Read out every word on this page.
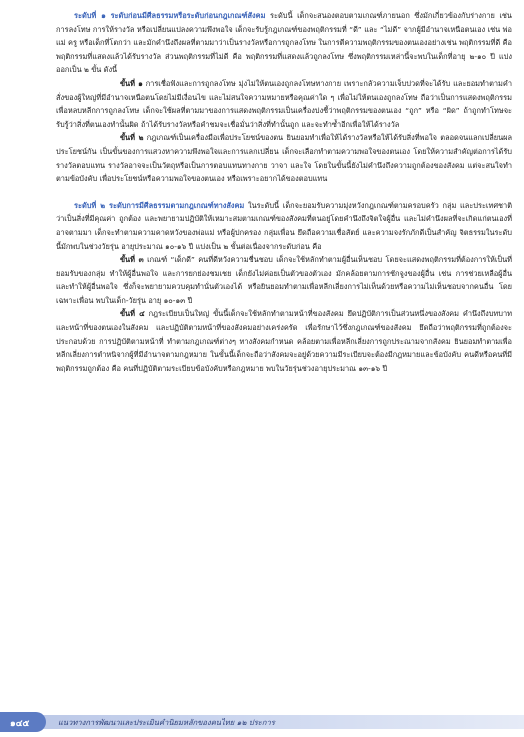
ระดับที่ ๑ ระดับก่อนมีศีลธรรมหรือระดับก่อนกฎเกณฑ์สังคม ระดับนี้ เด็กจะสนองตอบตามเกณฑ์ภายนอก ซึ่งมักเกี่ยวข้องกับร่างกาย เช่น การลงโทษ การให้รางวัล หรือเปลี่ยนแปลงความพึงพอใจ เด็กจะรับรู้กฎเกณฑ์ของพฤติกรรมที่ “ดี” และ “ไม่ดี” จากผู้มีอำนาจเหนือตนเอง เช่น พ่อแม่ ครู หรือเด็กที่โตกว่า และมักคำนึงถึงผลที่ตามมาว่าเป็นรางวัลหรือการถูกลงโทษ ในการตีความพฤติกรรมของตนเองอย่างเช่น พฤติกรรมที่ดี คือ พฤติกรรมที่แสดงแล้วได้รับรางวัล ส่วนพฤติกรรมที่ไม่ดี คือ พฤติกรรมที่แสดงแล้วถูกลงโทษ ซึ่งพฤติกรรมเหล่านี้จะพบในเด็กที่อายุ ๒-๑๐ ปี แบ่งออกเป็น ๒ ขั้น ดังนี้

ขั้นที่ ๑ การเชื่อฟังและการถูกลงโทษ มุ่งไม่ให้ตนเองถูกลงโทษทางกาย เพราะกลัวความเจ็บปวดที่จะได้รับ และยอมทำตามคำสั่งของผู้ใหญ่ที่มีอำนาจเหนือตนโดยไม่มีเงื่อนไข และไม่สนใจความหมายหรือคุณค่าใด ๆ เพื่อไม่ให้ตนเองถูกลงโทษ ถือว่าเป็นการแสดงพฤติกรรมเพื่อหลบหลีกการถูกลงโทษ เด็กจะใช้ผลที่ตามมาของการแสดงพฤติกรรมเป็นเครื่องบ่งชี้ว่าพฤติกรรมของตนเอง “ถูก” หรือ “ผิด” ถ้าถูกทำโทษจะรับรู้ว่าสิ่งที่ตนเองทำนั้นผิด ถ้าได้รับรางวัลหรือคำชมจะเชื่อมั่นว่าสิ่งที่ทำนั้นถูก และจะทำซ้ำอีกเพื่อให้ได้รางวัล

ขั้นที่ ๒ กฎเกณฑ์เป็นเครื่องมือเพื่อประโยชน์ของตน ยินยอมทำเพื่อให้ได้รางวัลหรือให้ได้รับสิ่งที่พอใจ ตลอดจนแลกเปลี่ยนผลประโยชน์กัน เป็นขั้นของการแสวงหาความพึงพอใจและการแลกเปลี่ยน เด็กจะเลือกทำตามความพอใจของตนเอง โดยให้ความสำคัญต่อการได้รับรางวัลตอบแทน รางวัลอาจจะเป็นวัตถุหรือเป็นการตอบแทนทางกาย วาจา และใจ โดยในขั้นนี้ยังไม่คำนึงถึงความถูกต้องของสังคม แต่จะสนใจทำตามข้อบังคับ เพื่อประโยชน์หรือความพอใจของตนเอง หรือเพราะอยากได้ของตอบแทน

ระดับที่ ๒ ระดับการมีศีลธรรมตามกฎเกณฑ์ทางสังคม ในระดับนี้ เด็กจะยอมรับความมุ่งหวังกฎเกณฑ์ตามครอบครัว กลุ่ม และประเทศชาติว่าเป็นสิ่งที่มีคุณค่า ถูกต้อง และพยายามปฏิบัติให้เหมาะสมตามเกณฑ์ของสังคมที่ตนอยู่โดยคำนึงถึงจิตใจผู้อื่น และไม่คำนึงผลที่จะเกิดแก่ตนเองที่อาจตามมา เด็กจะทำตามความคาดหวังของพ่อแม่ หรือผู้ปกครอง กลุ่มเพื่อน ยึดถือความเชื่อสัตย์ และความจงรักภักดีเป็นสำคัญ จิตธรรมในระดับนี้มักพบในช่วงวัยรุ่น อายุประมาณ ๑๐-๑๖ ปี แบ่งเป็น ๒ ขั้นต่อเนื่องจากระดับก่อน คือ

ขั้นที่ ๓ เกณฑ์ “เด็กดี” คนที่ดีหวังความชื่นชอบ เด็กจะใช้หลักทำตามผู้อื่นเห็นชอบ โดยจะแสดงพฤติกรรมที่ต้องการให้เป็นที่ยอมรับของกลุ่ม ทำให้ผู้อื่นพอใจ และการยกย่องชมเชย เด็กยังไม่ค่อยเป็นตัวของตัวเอง มักคล้อยตามการชักจูงของผู้อื่น เช่น การช่วยเหลือผู้อื่น และทำให้ผู้อื่นพอใจ ซึ่งก็จะพยายามควบคุมทำนั่นตัวเองได้ หรือยินยอมทำตามเพื่อหลีกเลี่ยงการไม่เห็นด้วยหรือความไม่เห็นชอบจากคนอื่น โดยเฉพาะเพื่อน พบในเด็ก-วัยรุ่น อายุ ๑๐-๑๓ ปี

ขั้นที่ ๔ กฎระเบียบเป็นใหญ่ ขั้นนี้เด็กจะใช้หลักทำตามหน้าที่ของสังคม ยึดปฏิบัติการเป็นส่วนหนึ่งของสังคม คำนึงถึงบทบาทและหน้าที่ของตนเองในสังคม และปฏิบัติตามหน้าที่ของสังคมอย่างเคร่งครัด เพื่อรักษาไว้ซึ่งกฎเกณฑ์ของสังคม ยึดถือว่าพฤติกรรมที่ถูกต้องจะประกอบด้วย การปฏิบัติตามหน้าที่ ทำตามกฎเกณฑ์ต่างๆ ทางสังคมกำหนด คล้อยตามเพื่อหลีกเลี่ยงการถูกประณามจากสังคม ยินยอมทำตามเพื่อหลีกเลี่ยงการตำหนิจากผู้ที่มีอำนาจตามกฎหมาย ในขั้นนี้เด็กจะถือว่าสังคมจะอยู่ด้วยความมีระเบียบจะต้องมีกฎหมายและข้อบังคับ คนดีหรือคนที่มีพฤติกรรมถูกต้อง คือ คนที่ปฏิบัติตามระเบียบข้อบังคับหรือกฎหมาย พบในวัยรุ่นช่วงอายุประมาณ ๑๓-๑๖ ปี

๑๔๕	แนวทางการพัฒนาและประเมินคำนิยมหลักของคนไทย ๑๒ ประการ
